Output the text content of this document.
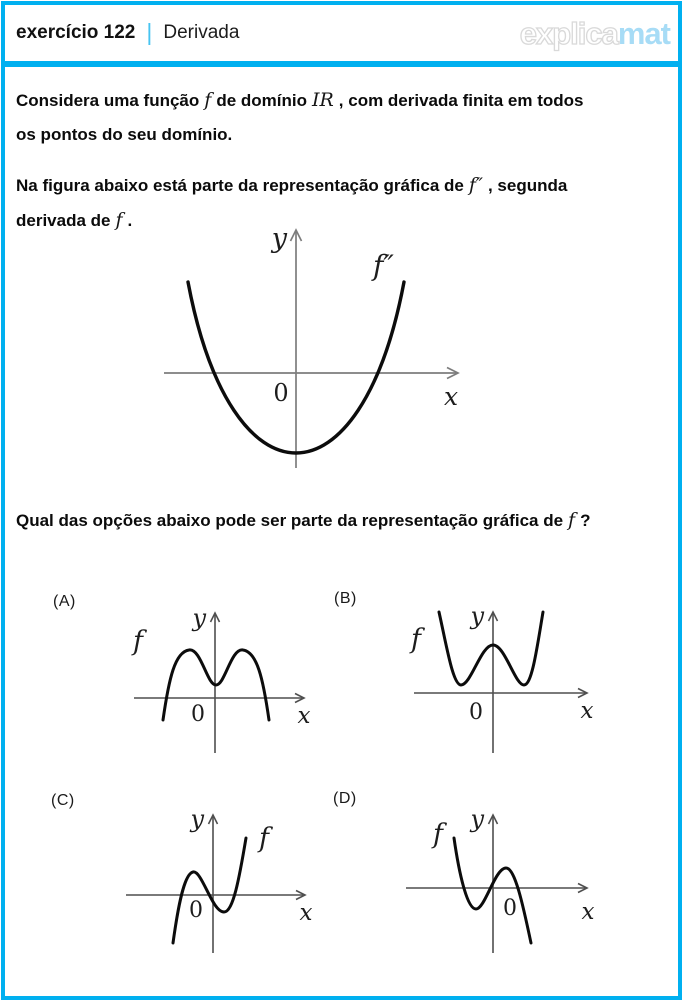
exercício 122 | Derivada	explicamat

Considera uma função f de domínio IR , com derivada finita em todos
os pontos do seu domínio.

Na figura abaixo está parte da representação gráfica de f″ , segunda
derivada de f .

y
x
0
f″

Qual das opções abaixo pode ser parte da representação gráfica de f ?

(A)
y
x
0
f
(B)
y
x
0
f
(C)
y
x
0
f
(D)
y
x
0
f
